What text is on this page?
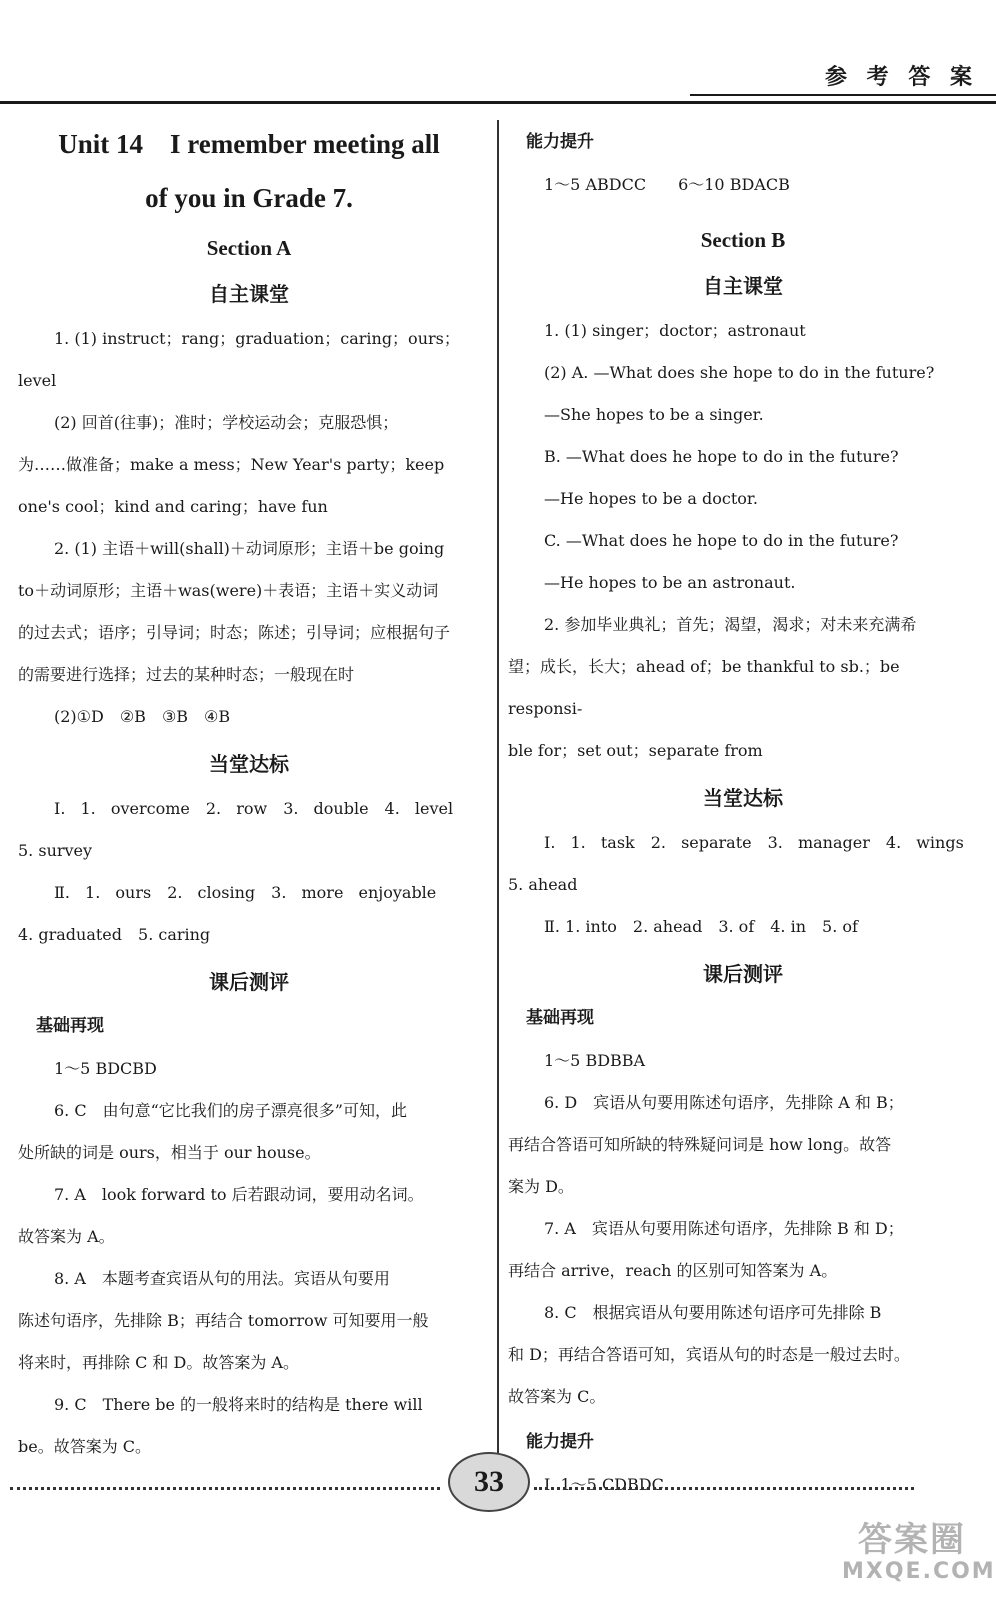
参 考 答 案
Unit 14　I remember meeting all
of you in Grade 7.
Section A
自主课堂

1. (1) instruct；rang；graduation；caring；ours；level

(2) 回首(往事)；准时；学校运动会；克服恐惧；

为……做准备；make a mess；New Year's party；keep

one's cool；kind and caring；have fun

2. (1) 主语＋will(shall)＋动词原形；主语＋be going

to＋动词原形；主语＋was(were)＋表语；主语＋实义动词

的过去式；语序；引导词；时态；陈述；引导词；应根据句子

的需要进行选择；过去的某种时态；一般现在时

(2)①D　②B　③B　④B

当堂达标

Ⅰ. 1. overcome　2. row　3. double　4. level

5. survey

Ⅱ. 1. ours　2. closing　3. more enjoyable

4. graduated　5. caring

课后测评
基础再现

1～5 BDCBD

6. C　由句意“它比我们的房子漂亮很多”可知，此

处所缺的词是 ours，相当于 our house。

7. A　look forward to 后若跟动词，要用动名词。

故答案为 A。

8. A　本题考查宾语从句的用法。宾语从句要用

陈述句语序，先排除 B；再结合 tomorrow 可知要用一般

将来时，再排除 C 和 D。故答案为 A。

9. C　There be 的一般将来时的结构是 there will

be。故答案为 C。

能力提升

1～5 ABDCC　　6～10 BDACB

Section B
自主课堂

1. (1) singer；doctor；astronaut

(2) A. —What does she hope to do in the future?

—She hopes to be a singer.

B. —What does he hope to do in the future?

—He hopes to be a doctor.

C. —What does he hope to do in the future?

—He hopes to be an astronaut.

2. 参加毕业典礼；首先；渴望，渴求；对未来充满希

望；成长，长大；ahead of；be thankful to sb.；be responsi-

ble for；set out；separate from

当堂达标

Ⅰ. 1. task　2. separate　3. manager　4. wings

5. ahead

Ⅱ. 1. into　2. ahead　3. of　4. in　5. of

课后测评
基础再现

1～5 BDBBA

6. D　宾语从句要用陈述句语序，先排除 A 和 B；

再结合答语可知所缺的特殊疑问词是 how long。故答

案为 D。

7. A　宾语从句要用陈述句语序，先排除 B 和 D；

再结合 arrive，reach 的区别可知答案为 A。

8. C　根据宾语从句要用陈述句语序可先排除 B

和 D；再结合答语可知，宾语从句的时态是一般过去时。

故答案为 C。

能力提升

Ⅰ. 1～5 CDBDC

33
答案圈
MXQE.COM
